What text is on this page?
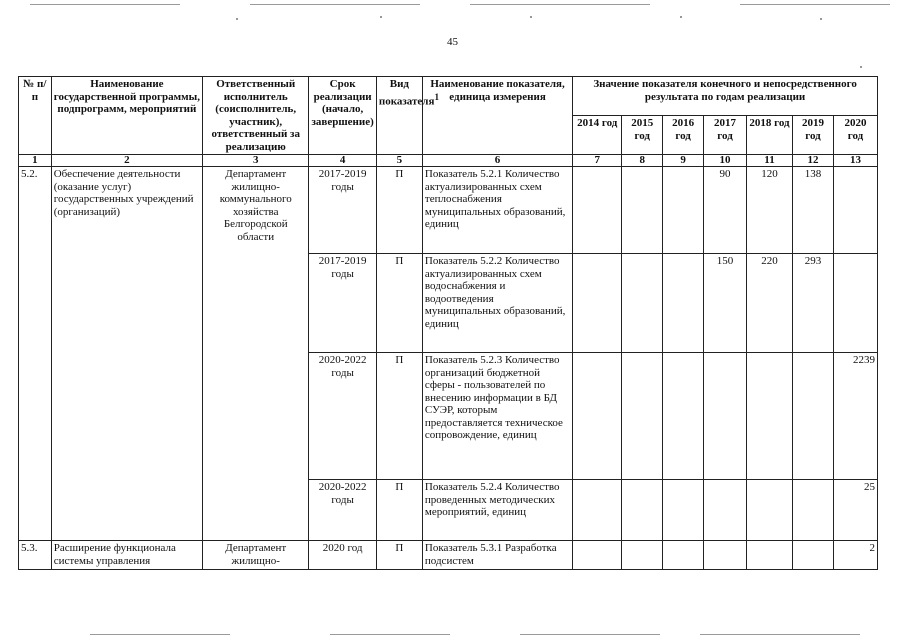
45
№ п/п	Наименование государственной программы, подпрограмм, мероприятий	Ответственный исполнитель (соисполнитель, участник), ответственный за реализацию	Срок реализации (начало, завершение)	Вид показателя$^1$	Наименование показателя, единица измерения	Значение показателя конечного и непосредственного результата по годам реализации						
						2014 год	2015 год	2016 год	2017 год	2018 год	2019 год	2020 год
1	2	3	4	5	6	7	8	9	10	11	12	13
5.2.	Обеспечение деятельности (оказание услуг) государственных учреждений (организаций)	Департамент жилищно-коммунального хозяйства Белгородской области	2017-2019 годы	П	Показатель 5.2.1 Количество актуализированных схем теплоснабжения муниципальных образований, единиц				90	120	138	
			2017-2019 годы	П	Показатель 5.2.2 Количество актуализированных схем водоснабжения и водоотведения муниципальных образований, единиц				150	220	293	
			2020-2022 годы	П	Показатель 5.2.3 Количество организаций бюджетной сферы - пользователей по внесению информации в БД СУЭР, которым предоставляется техническое сопровождение, единиц							2239
			2020-2022 годы	П	Показатель 5.2.4 Количество проведенных методических мероприятий, единиц							25
5.3.	Расширение функционала системы управления	Департамент жилищно-	2020 год	П	Показатель 5.3.1 Разработка подсистем							2
